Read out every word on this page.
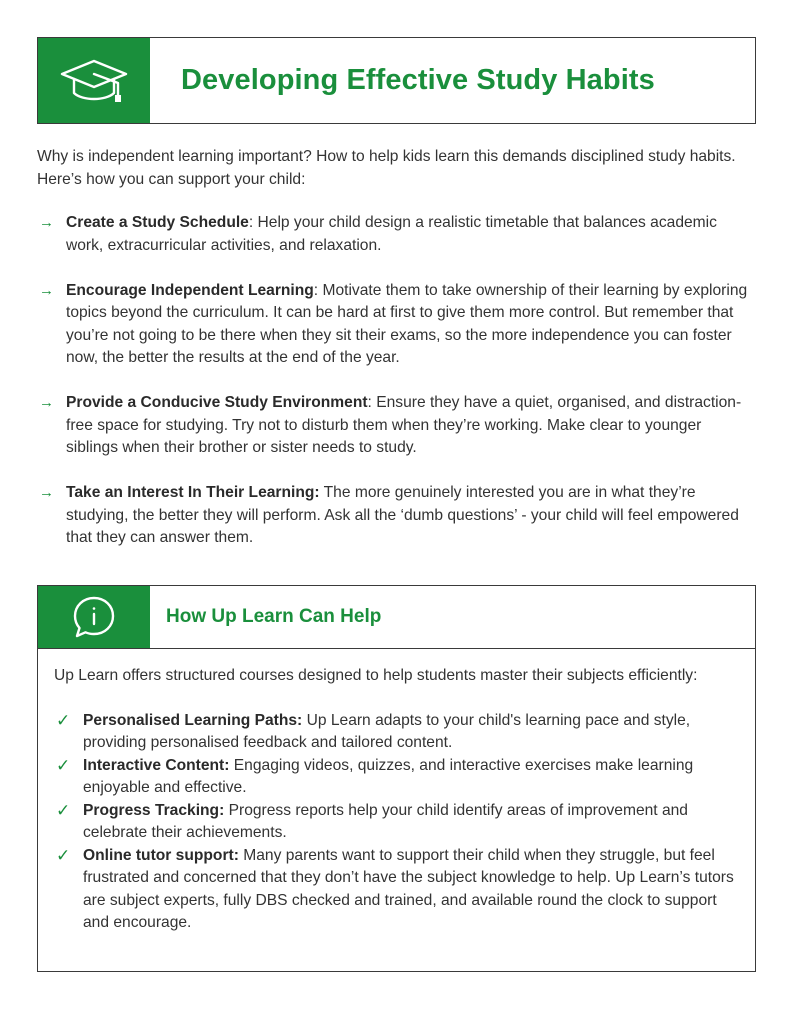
Developing Effective Study Habits

Why is independent learning important? How to help kids learn this demands disciplined study habits. Here’s how you can support your child:

→ Create a Study Schedule: Help your child design a realistic timetable that balances academic work, extracurricular activities, and relaxation.
→ Encourage Independent Learning: Motivate them to take ownership of their learning by exploring topics beyond the curriculum. It can be hard at first to give them more control. But remember that you’re not going to be there when they sit their exams, so the more independence you can foster now, the better the results at the end of the year.
→ Provide a Conducive Study Environment: Ensure they have a quiet, organised, and distraction-free space for studying. Try not to disturb them when they’re working. Make clear to younger siblings when their brother or sister needs to study.
→ Take an Interest In Their Learning: The more genuinely interested you are in what they’re studying, the better they will perform. Ask all the ‘dumb questions’ - your child will feel empowered that they can answer them.
How Up Learn Can Help

Up Learn offers structured courses designed to help students master their subjects efficiently:

✓ Personalised Learning Paths: Up Learn adapts to your child's learning pace and style, providing personalised feedback and tailored content.
✓ Interactive Content: Engaging videos, quizzes, and interactive exercises make learning enjoyable and effective.
✓ Progress Tracking: Progress reports help your child identify areas of improvement and celebrate their achievements.
✓ Online tutor support: Many parents want to support their child when they struggle, but feel frustrated and concerned that they don’t have the subject knowledge to help. Up Learn’s tutors are subject experts, fully DBS checked and trained, and available round the clock to support and encourage.
